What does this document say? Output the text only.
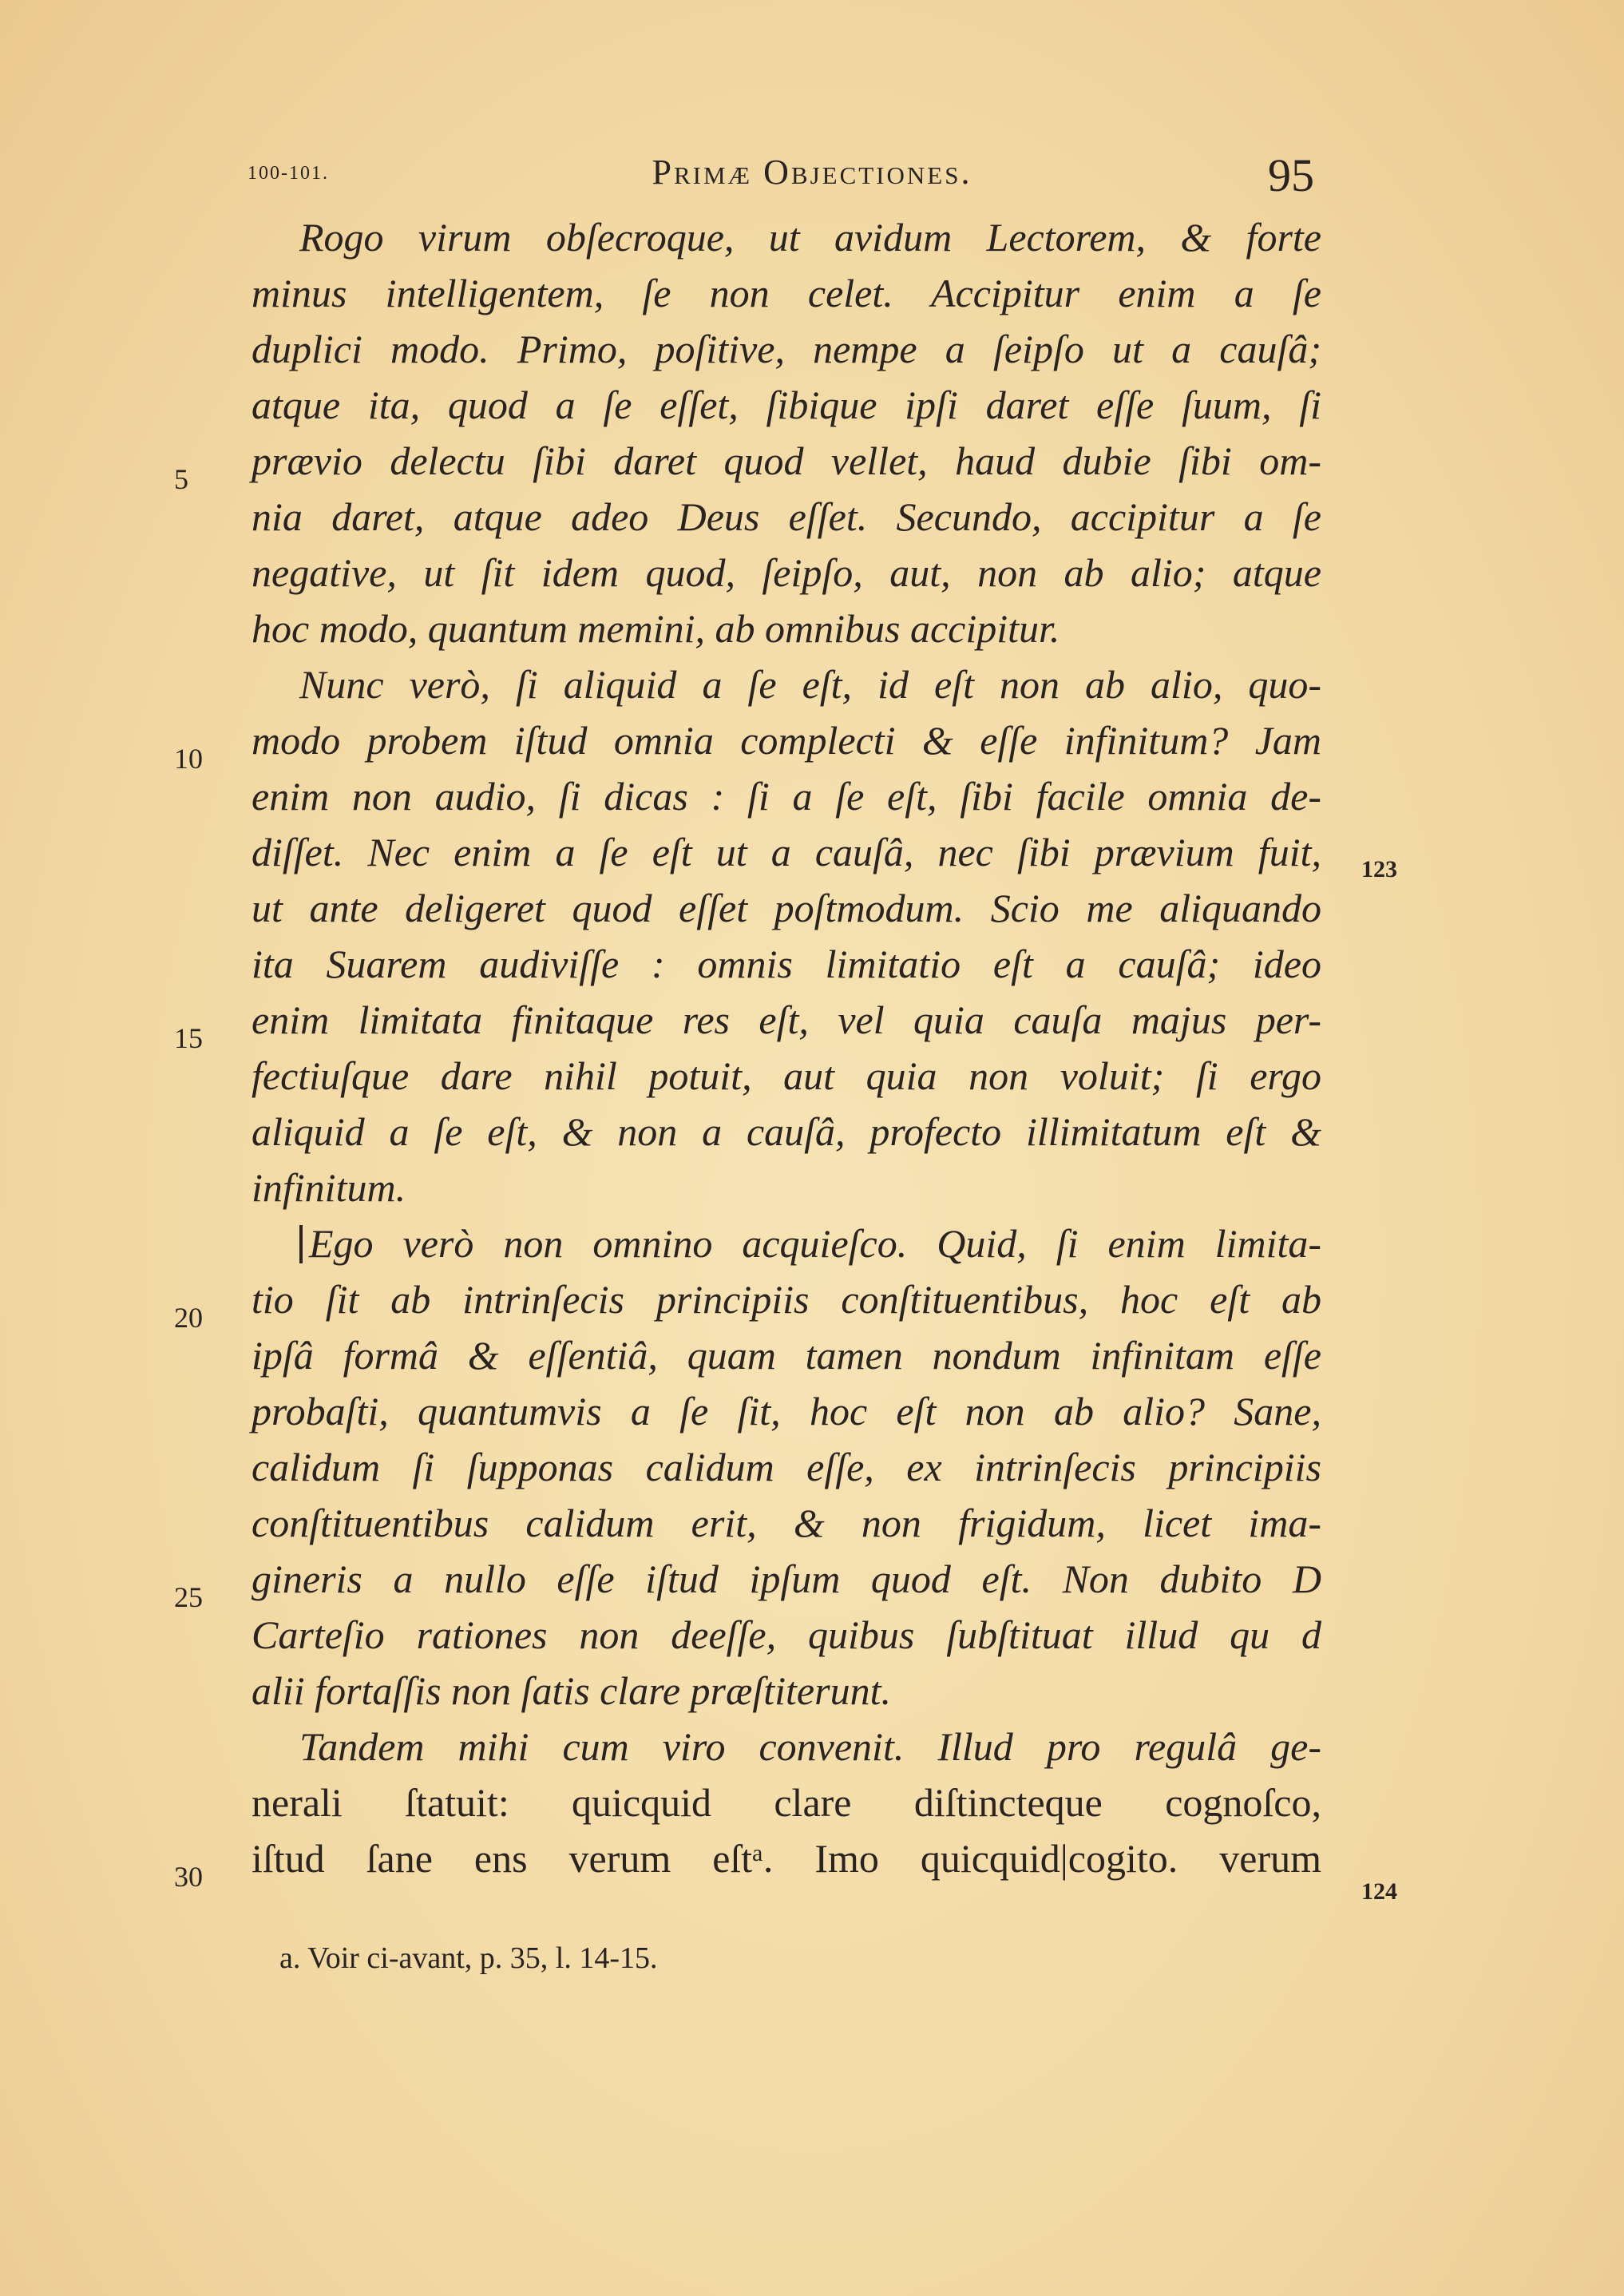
100-101.	Primæ Objectiones.	95
Rogo virum obſecroque, ut avidum Lectorem, & forte
minus intelligentem, ſe non celet. Accipitur enim a ſe
duplici modo. Primo, poſitive, nempe a ſeipſo ut a cauſâ;
atque ita, quod a ſe eſſet, ſibique ipſi daret eſſe ſuum, ſi
prævio delectu ſibi daret quod vellet, haud dubie ſibi om-
nia daret, atque adeo Deus eſſet. Secundo, accipitur a ſe
negative, ut ſit idem quod, ſeipſo, aut, non ab alio; atque
hoc modo, quantum memini, ab omnibus accipitur.
Nunc verò, ſi aliquid a ſe eſt, id eſt non ab alio, quo-
modo probem iſtud omnia complecti & eſſe infinitum? Jam
enim non audio, ſi dicas : ſi a ſe eſt, ſibi facile omnia de-
diſſet. Nec enim a ſe eſt ut a cauſâ, nec ſibi prævium fuit,
ut ante deligeret quod eſſet poſtmodum. Scio me aliquando
ita Suarem audiviſſe : omnis limitatio eſt a cauſâ; ideo
enim limitata finitaque res eſt, vel quia cauſa majus per-
fectiuſque dare nihil potuit, aut quia non voluit; ſi ergo
aliquid a ſe eſt, & non a cauſâ, profecto illimitatum eſt &
infinitum.
Ego verò non omnino acquieſco. Quid, ſi enim limita-
tio ſit ab intrinſecis principiis conſtituentibus, hoc eſt ab
ipſâ formâ & eſſentiâ, quam tamen nondum infinitam eſſe
probaſti, quantumvis a ſe ſit, hoc eſt non ab alio? Sane,
calidum ſi ſupponas calidum eſſe, ex intrinſecis principiis
conſtituentibus calidum erit, & non frigidum, licet ima-
gineris a nullo eſſe iſtud ipſum quod eſt. Non dubito D
Carteſio rationes non deeſſe, quibus ſubſtituat illud qu d
alii fortaſſis non ſatis clare præſtiterunt.
Tandem mihi cum viro convenit. Illud pro regulâ ge-
nerali ſtatuit: quicquid clare diſtincteque cognoſco,
iſtud ſane ens verum eſtᵃ. Imo quicquid|cogito. verum
5
10
15
20
25
30
123
124
a. Voir ci-avant, p. 35, l. 14-15.
